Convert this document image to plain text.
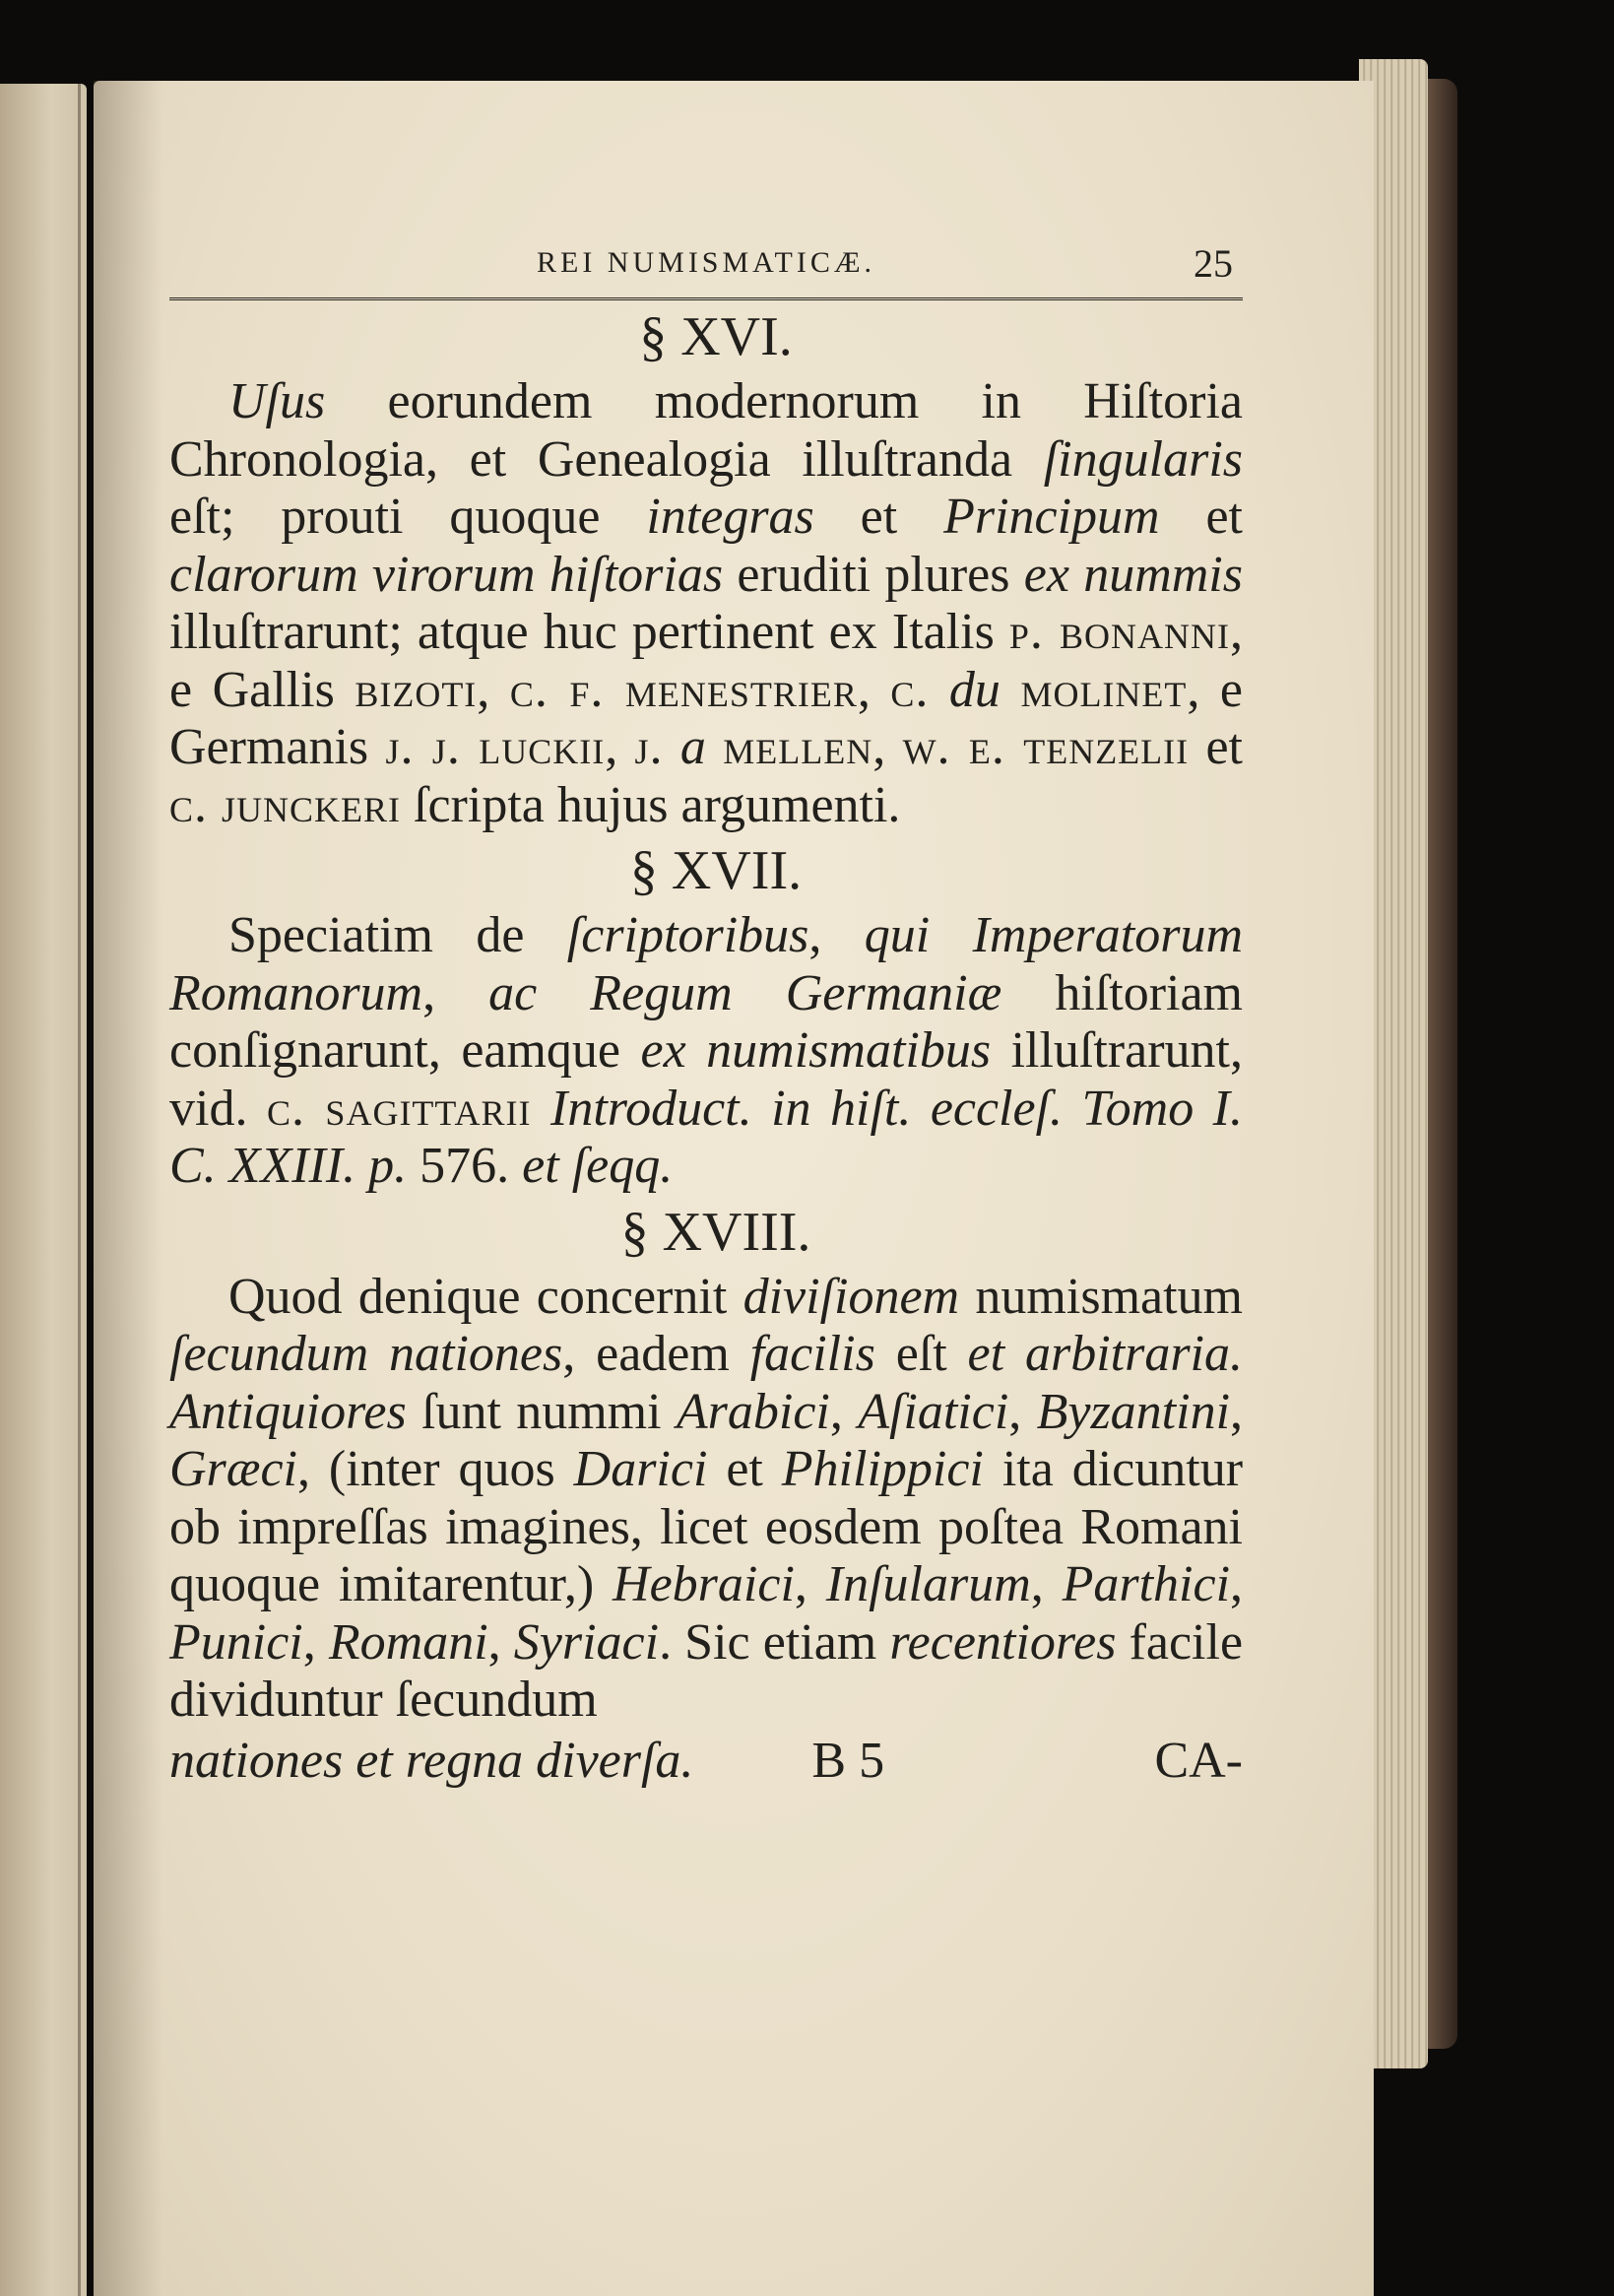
REI NUMISMATICÆ.	25
§ XVI.

Uſus eorundem modernorum in Hiſtoria Chronologia, et Genealogia illuſtranda ſingularis eſt; prouti quoque integras et Principum et clarorum virorum hiſtorias eruditi plures ex nummis illuſtrarunt; atque huc pertinent ex Italis p. bonanni, e Gallis bizoti, c. f. menestrier, c. du molinet, e Germanis j. j. luckii, j. a mellen, w. e. tenzelii et c. junckeri ſcripta hujus argumenti.

§ XVII.

Speciatim de ſcriptoribus, qui Imperatorum Romanorum, ac Regum Germaniæ hiſtoriam conſignarunt, eamque ex numismatibus illuſtrarunt, vid. c. sagittarii Introduct. in hiſt. eccleſ. Tomo I. C. XXIII. p. 576. et ſeqq.

§ XVIII.

Quod denique concernit diviſionem numismatum ſecundum nationes, eadem facilis eſt et arbitraria. Antiquiores ſunt nummi Arabici, Aſiatici, Byzantini, Græci, (inter quos Darici et Philippici ita dicuntur ob impreſſas imagines, licet eosdem poſtea Romani quoque imitarentur,) Hebraici, Inſularum, Parthici, Punici, Romani, Syriaci. Sic etiam recentiores facile dividuntur ſecundum

nationes et regna diverſa. B 5	CA-
